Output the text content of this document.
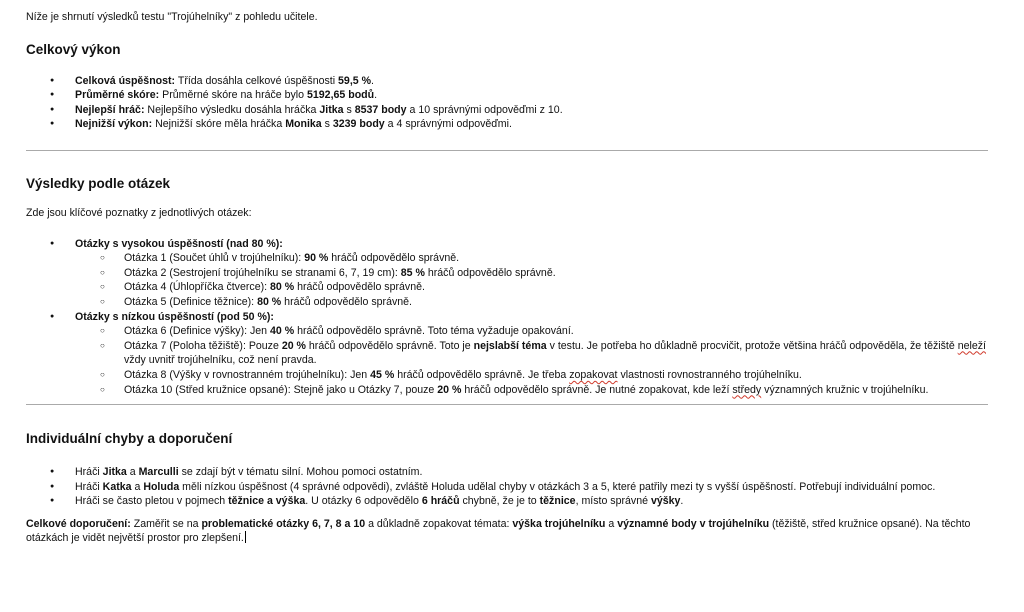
Níže je shrnutí výsledků testu "Trojúhelníky" z pohledu učitele.

Celkový výkon
● Celková úspěšnost: Třída dosáhla celkové úspěšnosti 59,5 %.
● Průměrné skóre: Průměrné skóre na hráče bylo 5192,65 bodů.
● Nejlepší hráč: Nejlepšího výsledku dosáhla hráčka Jitka s 8537 body a 10 správnými odpověďmi z 10.
● Nejnižší výkon: Nejnižší skóre měla hráčka Monika s 3239 body a 4 správnými odpověďmi.
Výsledky podle otázek

Zde jsou klíčové poznatky z jednotlivých otázek:

● Otázky s vysokou úspěšností (nad 80 %):
○ Otázka 1 (Součet úhlů v trojúhelníku): 90 % hráčů odpovědělo správně.
○ Otázka 2 (Sestrojení trojúhelníku se stranami 6, 7, 19 cm): 85 % hráčů odpovědělo správně.
○ Otázka 4 (Úhlopříčka čtverce): 80 % hráčů odpovědělo správně.
○ Otázka 5 (Definice těžnice): 80 % hráčů odpovědělo správně.
● Otázky s nízkou úspěšností (pod 50 %):
○ Otázka 6 (Definice výšky): Jen 40 % hráčů odpovědělo správně. Toto téma vyžaduje opakování.
○ Otázka 7 (Poloha těžiště): Pouze 20 % hráčů odpovědělo správně. Toto je nejslabší téma v testu. Je potřeba ho důkladně procvičit, protože většina hráčů odpověděla, že těžiště neleží vždy uvnitř trojúhelníku, což není pravda.
○ Otázka 8 (Výšky v rovnostranném trojúhelníku): Jen 45 % hráčů odpovědělo správně. Je třeba zopakovat vlastnosti rovnostranného trojúhelníku.
○ Otázka 10 (Střed kružnice opsané): Stejně jako u Otázky 7, pouze 20 % hráčů odpovědělo správně. Je nutné zopakovat, kde leží středy významných kružnic v trojúhelníku.
Individuální chyby a doporučení
● Hráči Jitka a Marculli se zdají být v tématu silní. Mohou pomoci ostatním.
● Hráči Katka a Holuda měli nízkou úspěšnost (4 správné odpovědi), zvláště Holuda udělal chyby v otázkách 3 a 5, které patřily mezi ty s vyšší úspěšností. Potřebují individuální pomoc.
● Hráči se často pletou v pojmech těžnice a výška. U otázky 6 odpovědělo 6 hráčů chybně, že je to těžnice, místo správné výšky.

Celkové doporučení: Zaměřit se na problematické otázky 6, 7, 8 a 10 a důkladně zopakovat témata: výška trojúhelníku a významné body v trojúhelníku (těžiště, střed kružnice opsané). Na těchto otázkách je vidět největší prostor pro zlepšení.
